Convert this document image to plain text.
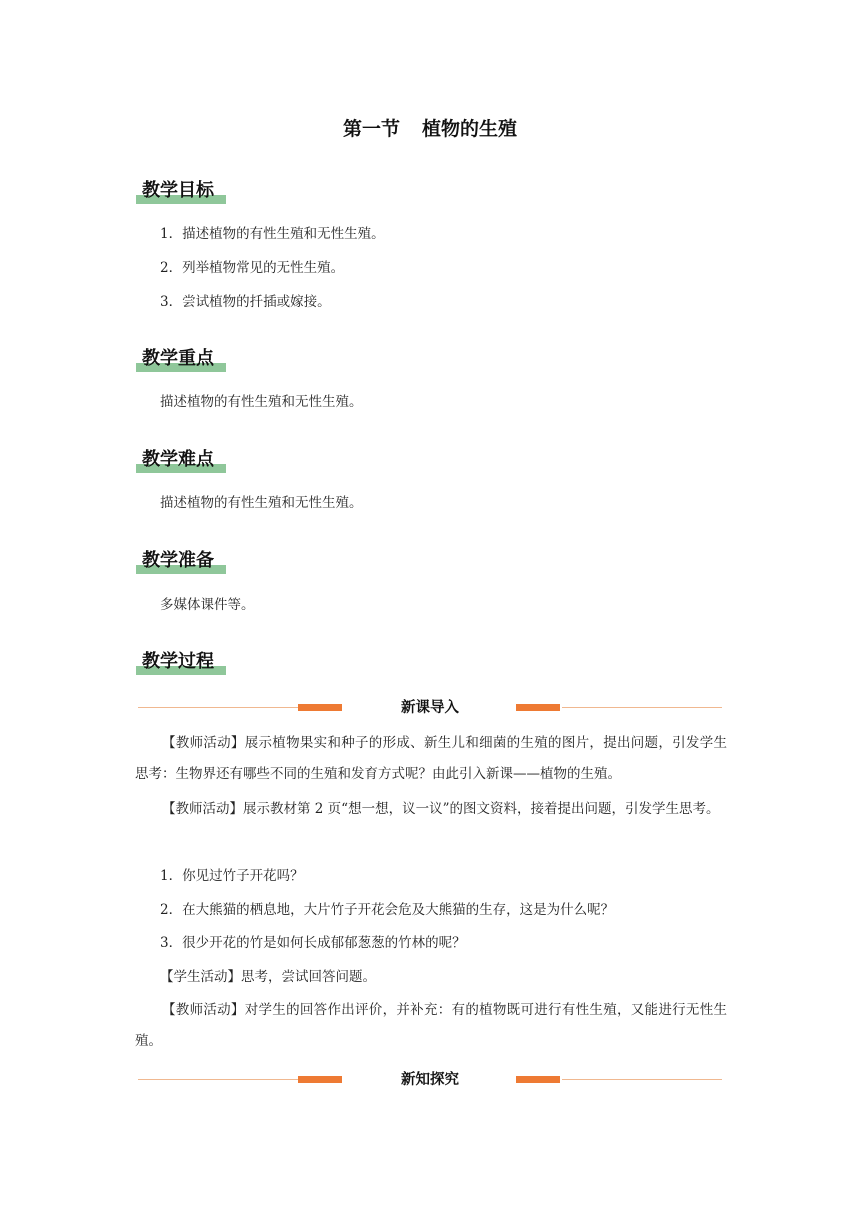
第一节 植物的生殖
教学目标
1．描述植物的有性生殖和无性生殖。
2．列举植物常见的无性生殖。
3．尝试植物的扦插或嫁接。
教学重点
描述植物的有性生殖和无性生殖。
教学难点
描述植物的有性生殖和无性生殖。
教学准备
多媒体课件等。
教学过程
新课导入
【教师活动】展示植物果实和种子的形成、新生儿和细菌的生殖的图片，提出问题，引发学生思考：生物界还有哪些不同的生殖和发育方式呢？由此引入新课——植物的生殖。
【教师活动】展示教材第 2 页“想一想，议一议”的图文资料，接着提出问题，引发学生思考。
1．你见过竹子开花吗？
2．在大熊猫的栖息地，大片竹子开花会危及大熊猫的生存，这是为什么呢？
3．很少开花的竹是如何长成郁郁葱葱的竹林的呢？
【学生活动】思考，尝试回答问题。
【教师活动】对学生的回答作出评价，并补充：有的植物既可进行有性生殖，又能进行无性生殖。
新知探究
